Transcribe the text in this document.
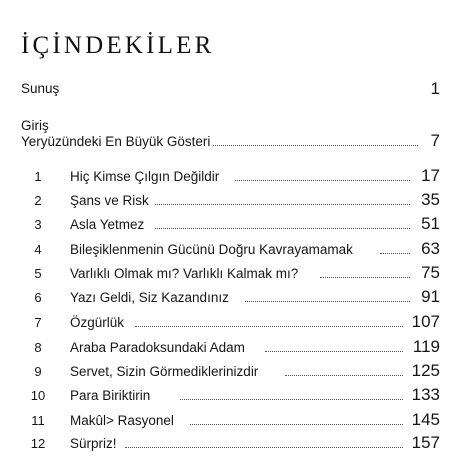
İÇİNDEKİLER
Sunuş	1
Giriş
Yeryüzündeki En Büyük Gösteri	7
1	Hiç Kimse Çılgın Değildir	17
2	Şans ve Risk	35
3	Asla Yetmez	51
4	Bileşiklenmenin Gücünü Doğru Kavrayamamak	63
5	Varlıklı Olmak mı? Varlıklı Kalmak mı?	75
6	Yazı Geldi, Siz Kazandınız	91
7	Özgürlük	107
8	Araba Paradoksundaki Adam	119
9	Servet, Sizin Görmediklerinizdir	125
10	Para Biriktirin	133
11	Makûl> Rasyonel	145
12	Sürpriz!	157
